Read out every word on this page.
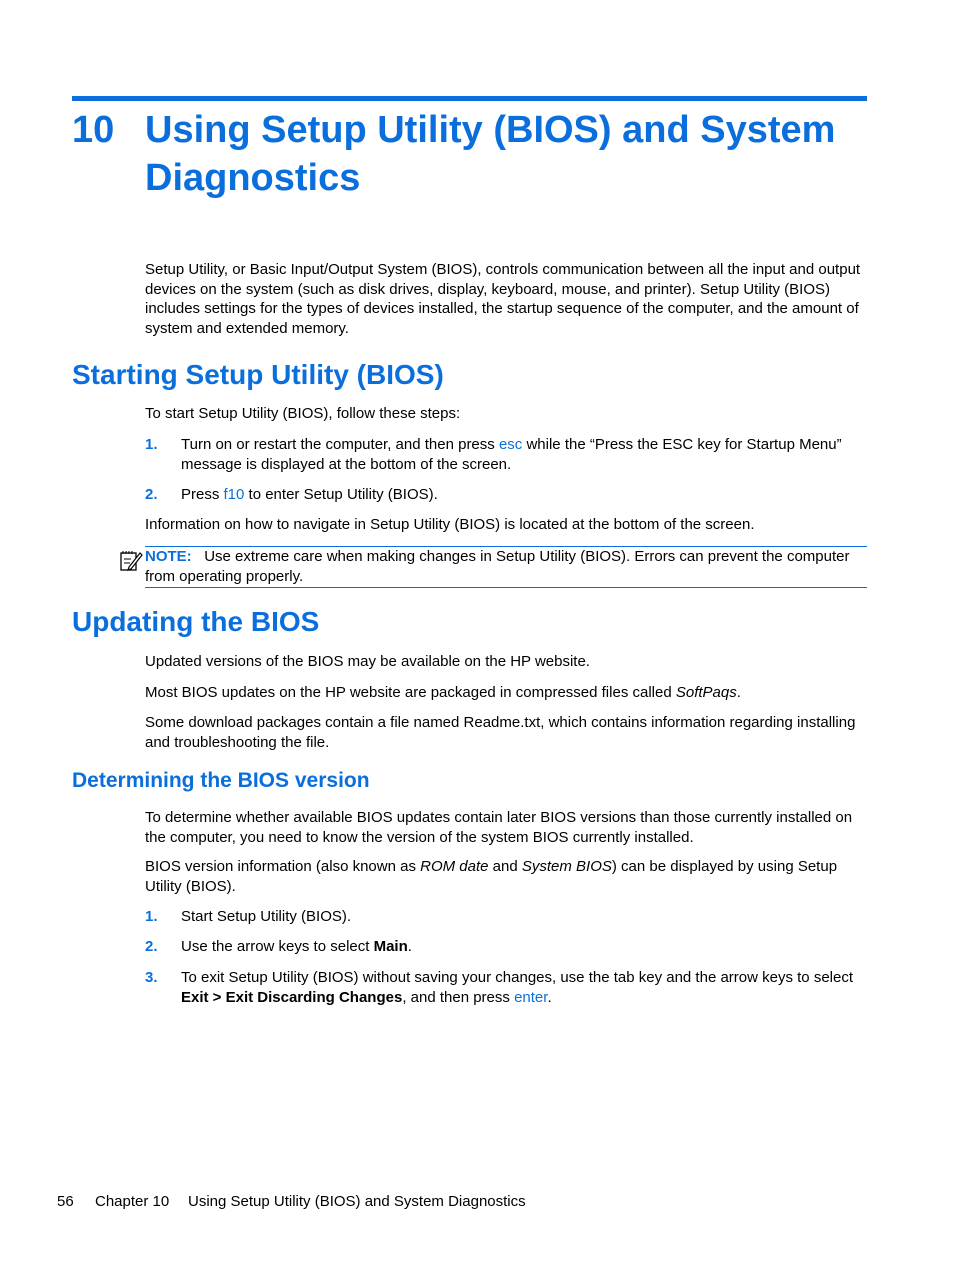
10 Using Setup Utility (BIOS) and System Diagnostics
Setup Utility, or Basic Input/Output System (BIOS), controls communication between all the input and output devices on the system (such as disk drives, display, keyboard, mouse, and printer). Setup Utility (BIOS) includes settings for the types of devices installed, the startup sequence of the computer, and the amount of system and extended memory.
Starting Setup Utility (BIOS)
To start Setup Utility (BIOS), follow these steps:
1. Turn on or restart the computer, and then press esc while the “Press the ESC key for Startup Menu” message is displayed at the bottom of the screen.
2. Press f10 to enter Setup Utility (BIOS).
Information on how to navigate in Setup Utility (BIOS) is located at the bottom of the screen.
NOTE: Use extreme care when making changes in Setup Utility (BIOS). Errors can prevent the computer from operating properly.
Updating the BIOS
Updated versions of the BIOS may be available on the HP website.
Most BIOS updates on the HP website are packaged in compressed files called SoftPaqs.
Some download packages contain a file named Readme.txt, which contains information regarding installing and troubleshooting the file.
Determining the BIOS version
To determine whether available BIOS updates contain later BIOS versions than those currently installed on the computer, you need to know the version of the system BIOS currently installed.
BIOS version information (also known as ROM date and System BIOS) can be displayed by using Setup Utility (BIOS).
1. Start Setup Utility (BIOS).
2. Use the arrow keys to select Main.
3. To exit Setup Utility (BIOS) without saving your changes, use the tab key and the arrow keys to select Exit > Exit Discarding Changes, and then press enter.
56 Chapter 10 Using Setup Utility (BIOS) and System Diagnostics
